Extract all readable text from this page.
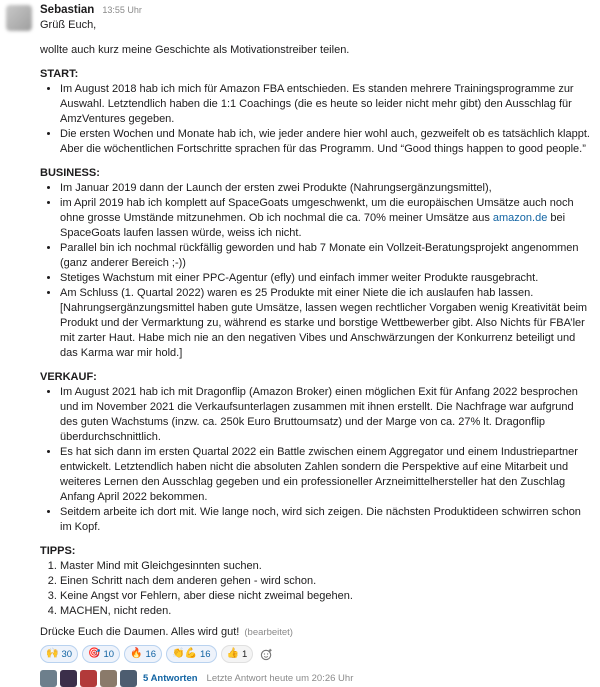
Sebastian 13:55 Uhr

Grüß Euch,

wollte auch kurz meine Geschichte als Motivationstreiber teilen.

START:
• Im August 2018 hab ich mich für Amazon FBA entschieden. Es standen mehrere Trainingsprogramme zur Auswahl. Letztendlich haben die 1:1 Coachings (die es heute so leider nicht mehr gibt) den Ausschlag für AmzVentures gegeben.
• Die ersten Wochen und Monate hab ich, wie jeder andere hier wohl auch, gezweifelt ob es tatsächlich klappt. Aber die wöchentlichen Fortschritte sprachen für das Programm. Und “Good things happen to good people.”
BUSINESS:
• Im Januar 2019 dann der Launch der ersten zwei Produkte (Nahrungsergänzungsmittel),
• im April 2019 hab ich komplett auf SpaceGoats umgeschwenkt, um die europäischen Umsätze auch noch ohne grosse Umstände mitzunehmen. Ob ich nochmal die ca. 70% meiner Umsätze aus amazon.de bei SpaceGoats laufen lassen würde, weiss ich nicht.
• Parallel bin ich nochmal rückfällig geworden und hab 7 Monate ein Vollzeit-Beratungsprojekt angenommen (ganz anderer Bereich ;-))
• Stetiges Wachstum mit einer PPC-Agentur (efly) und einfach immer weiter Produkte rausgebracht.
• Am Schluss (1. Quartal 2022) waren es 25 Produkte mit einer Niete die ich auslaufen hab lassen.
[Nahrungsergänzungsmittel haben gute Umsätze, lassen wegen rechtlicher Vorgaben wenig Kreativität beim Produkt und der Vermarktung zu, während es starke und borstige Wettbewerber gibt. Also Nichts für FBA’ler mit zarter Haut. Habe mich nie an den negativen Vibes und Anschwärzungen der Konkurrenz beteiligt und das Karma war mir hold.]
VERKAUF:
• Im August 2021 hab ich mit Dragonflip (Amazon Broker) einen möglichen Exit für Anfang 2022 besprochen und im November 2021 die Verkaufsunterlagen zusammen mit ihnen erstellt. Die Nachfrage war aufgrund des guten Wachstums (inzw. ca. 250k Euro Bruttoumsatz) und der Marge von ca. 27% lt. Dragonflip überdurchschnittlich.
• Es hat sich dann im ersten Quartal 2022 ein Battle zwischen einem Aggregator und einem Industriepartner entwickelt. Letztendlich haben nicht die absoluten Zahlen sondern die Perspektive auf eine Mitarbeit und weiteres Lernen den Ausschlag gegeben und ein professioneller Arzneimittelhersteller hat den Zuschlag Anfang April 2022 bekommen.
• Seitdem arbeite ich dort mit. Wie lange noch, wird sich zeigen. Die nächsten Produktideen schwirren schon im Kopf.
TIPPS:
1. Master Mind mit Gleichgesinnten suchen.
2. Einen Schritt nach dem anderen gehen - wird schon.
3. Keine Angst vor Fehlern, aber diese nicht zweimal begehen.
4. MACHEN, nicht reden.

Drücke Euch die Daumen. Alles wird gut! (bearbeitet)

🙌 30 🎯 10 🔥 16 👏💪 16 👍 1
5 Antworten Letzte Antwort heute um 20:26 Uhr
